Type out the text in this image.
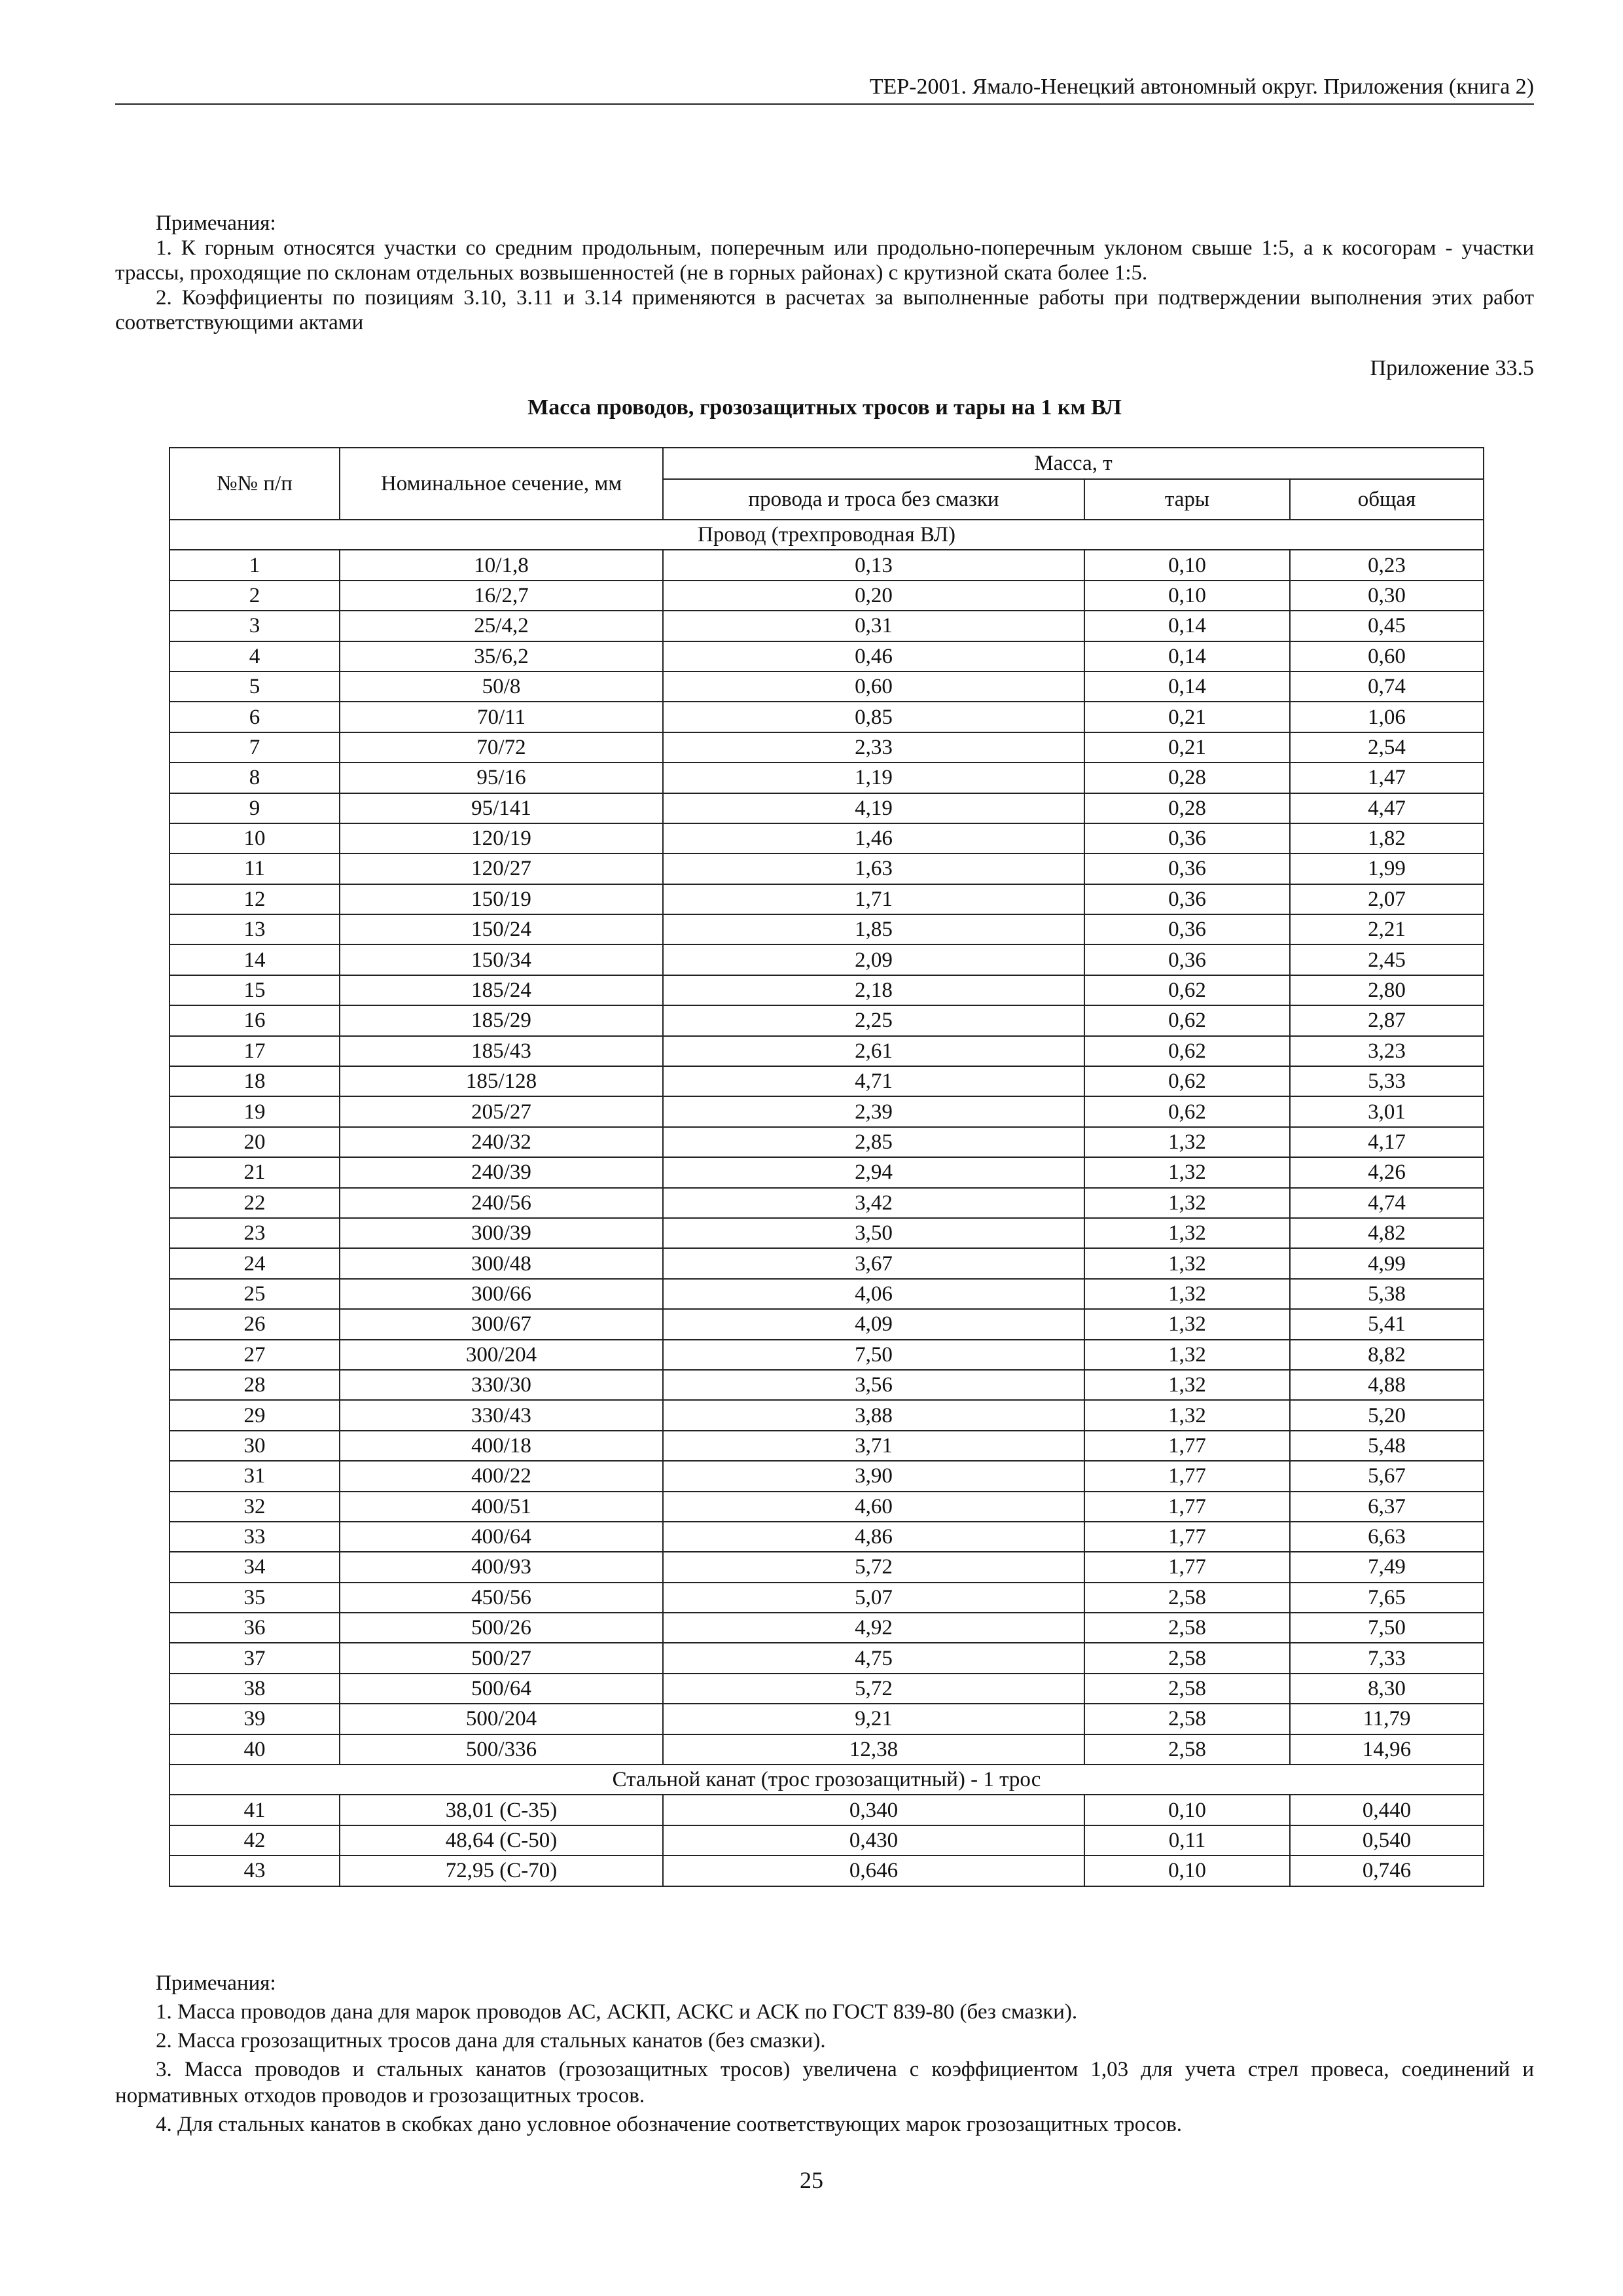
ТЕР-2001. Ямало-Ненецкий автономный округ. Приложения (книга 2)

Примечания:

1. К горным относятся участки со средним продольным, поперечным или продольно-поперечным уклоном свыше 1:5, а к косогорам - участки трассы, проходящие по склонам отдельных возвышенностей (не в горных районах) с крутизной ската более 1:5.

2. Коэффициенты по позициям 3.10, 3.11 и 3.14 применяются в расчетах за выполненные работы при подтверждении выполнения этих работ соответствующими актами

Приложение 33.5
Масса проводов, грозозащитных тросов и тары на 1 км ВЛ
№№ п/п	Номинальное сечение, мм	Масса, т		
		провода и троса без смазки	тары	общая
Провод (трехпроводная ВЛ)				
1	10/1,8	0,13	0,10	0,23
2	16/2,7	0,20	0,10	0,30
3	25/4,2	0,31	0,14	0,45
4	35/6,2	0,46	0,14	0,60
5	50/8	0,60	0,14	0,74
6	70/11	0,85	0,21	1,06
7	70/72	2,33	0,21	2,54
8	95/16	1,19	0,28	1,47
9	95/141	4,19	0,28	4,47
10	120/19	1,46	0,36	1,82
11	120/27	1,63	0,36	1,99
12	150/19	1,71	0,36	2,07
13	150/24	1,85	0,36	2,21
14	150/34	2,09	0,36	2,45
15	185/24	2,18	0,62	2,80
16	185/29	2,25	0,62	2,87
17	185/43	2,61	0,62	3,23
18	185/128	4,71	0,62	5,33
19	205/27	2,39	0,62	3,01
20	240/32	2,85	1,32	4,17
21	240/39	2,94	1,32	4,26
22	240/56	3,42	1,32	4,74
23	300/39	3,50	1,32	4,82
24	300/48	3,67	1,32	4,99
25	300/66	4,06	1,32	5,38
26	300/67	4,09	1,32	5,41
27	300/204	7,50	1,32	8,82
28	330/30	3,56	1,32	4,88
29	330/43	3,88	1,32	5,20
30	400/18	3,71	1,77	5,48
31	400/22	3,90	1,77	5,67
32	400/51	4,60	1,77	6,37
33	400/64	4,86	1,77	6,63
34	400/93	5,72	1,77	7,49
35	450/56	5,07	2,58	7,65
36	500/26	4,92	2,58	7,50
37	500/27	4,75	2,58	7,33
38	500/64	5,72	2,58	8,30
39	500/204	9,21	2,58	11,79
40	500/336	12,38	2,58	14,96
Стальной канат (трос грозозащитный) - 1 трос				
41	38,01 (С-35)	0,340	0,10	0,440
42	48,64 (С-50)	0,430	0,11	0,540
43	72,95 (С-70)	0,646	0,10	0,746

Примечания:

1. Масса проводов дана для марок проводов АС, АСКП, АСКС и АСК по ГОСТ 839-80 (без смазки).

2. Масса грозозащитных тросов дана для стальных канатов (без смазки).

3. Масса проводов и стальных канатов (грозозащитных тросов) увеличена с коэффициентом 1,03 для учета стрел провеса, соединений и нормативных отходов проводов и грозозащитных тросов.

4. Для стальных канатов в скобках дано условное обозначение соответствующих марок грозозащитных тросов.

25
